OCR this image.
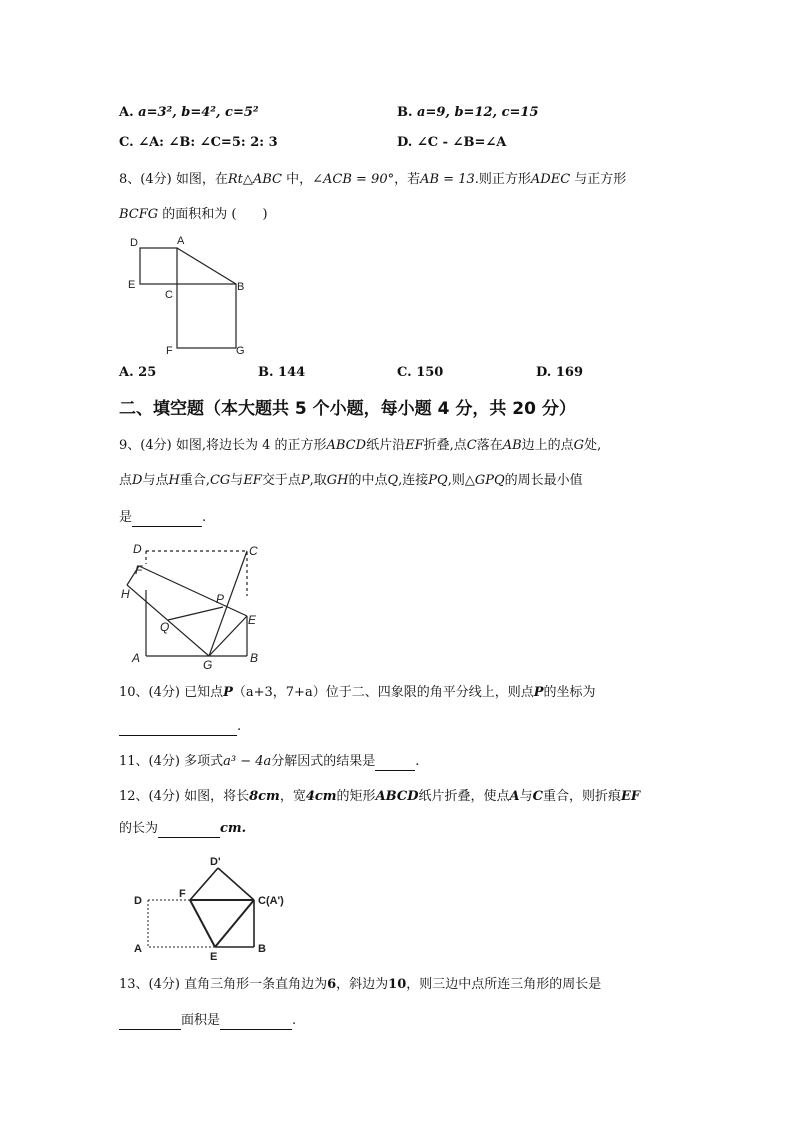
A. a=3², b=4², c=5²	B. a=9, b=12, c=15
C. ∠A: ∠B: ∠C=5: 2: 3	D. ∠C - ∠B=∠A
8、(4分) 如图，在Rt△ABC 中，∠ACB = 90°，若AB = 13.则正方形ADEC 与正方形
BCFG 的面积和为 (　　)
D	A
E
C
B
F	G
A. 25	B. 144	C. 150	D. 169
二、填空题（本大题共 5 个小题，每小题 4 分，共 20 分）
9、(4分) 如图,将边长为 4 的正方形ABCD纸片沿EF折叠,点C落在AB边上的点G处,
点D与点H重合,CG与EF交于点P,取GH的中点Q,连接PQ,则△GPQ的周长最小值
是	.
D	C
F
H	P
Q	E
A	G	B
10、(4分) 已知点P（a+3，7+a）位于二、四象限的角平分线上，则点P的坐标为
.
11、(4分) 多项式a³ − 4a分解因式的结果是	.
12、(4分) 如图，将长8cm，宽4cm的矩形ABCD纸片折叠，使点A与C重合，则折痕EF
的长为	cm.
D'
F
C(A')
D
A
E
B
13、(4分) 直角三角形一条直角边为6，斜边为10，则三边中点所连三角形的周长是
面积是	.
